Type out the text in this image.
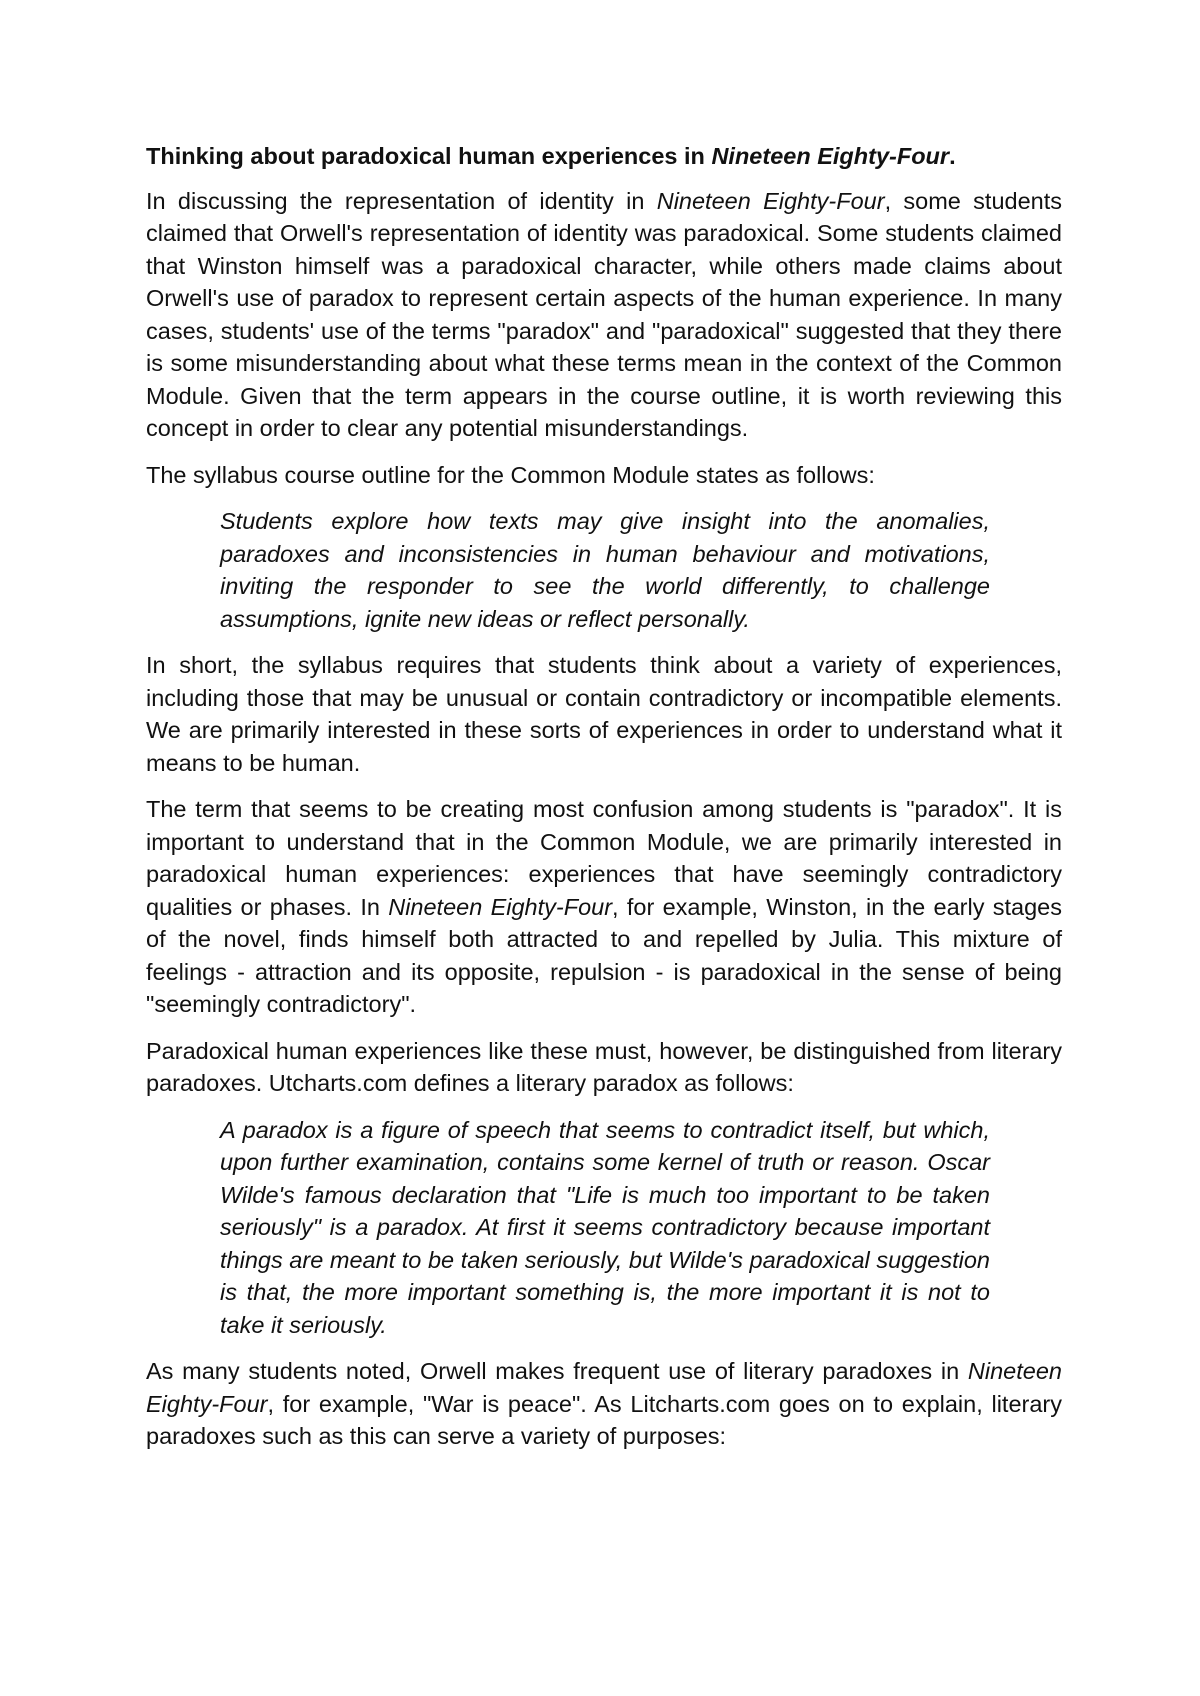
Thinking about paradoxical human experiences in Nineteen Eighty-Four.

In discussing the representation of identity in Nineteen Eighty-Four, some students claimed that Orwell's representation of identity was paradoxical. Some students claimed that Winston himself was a paradoxical character, while others made claims about Orwell's use of paradox to represent certain aspects of the human experience. In many cases, students' use of the terms "paradox" and "paradoxical" suggested that they there is some misunderstanding about what these terms mean in the context of the Common Module. Given that the term appears in the course outline, it is worth reviewing this concept in order to clear any potential misunderstandings.

The syllabus course outline for the Common Module states as follows:

Students explore how texts may give insight into the anomalies, paradoxes and inconsistencies in human behaviour and motivations, inviting the responder to see the world differently, to challenge assumptions, ignite new ideas or reflect personally.

In short, the syllabus requires that students think about a variety of experiences, including those that may be unusual or contain contradictory or incompatible elements. We are primarily interested in these sorts of experiences in order to understand what it means to be human.

The term that seems to be creating most confusion among students is "paradox". It is important to understand that in the Common Module, we are primarily interested in paradoxical human experiences: experiences that have seemingly contradictory qualities or phases. In Nineteen Eighty-Four, for example, Winston, in the early stages of the novel, finds himself both attracted to and repelled by Julia. This mixture of feelings - attraction and its opposite, repulsion - is paradoxical in the sense of being "seemingly contradictory".

Paradoxical human experiences like these must, however, be distinguished from literary paradoxes. Utcharts.com defines a literary paradox as follows:

A paradox is a figure of speech that seems to contradict itself, but which, upon further examination, contains some kernel of truth or reason. Oscar Wilde's famous declaration that "Life is much too important to be taken seriously" is a paradox. At first it seems contradictory because important things are meant to be taken seriously, but Wilde's paradoxical suggestion is that, the more important something is, the more important it is not to take it seriously.

As many students noted, Orwell makes frequent use of literary paradoxes in Nineteen Eighty-Four, for example, "War is peace". As Litcharts.com goes on to explain, literary paradoxes such as this can serve a variety of purposes:
